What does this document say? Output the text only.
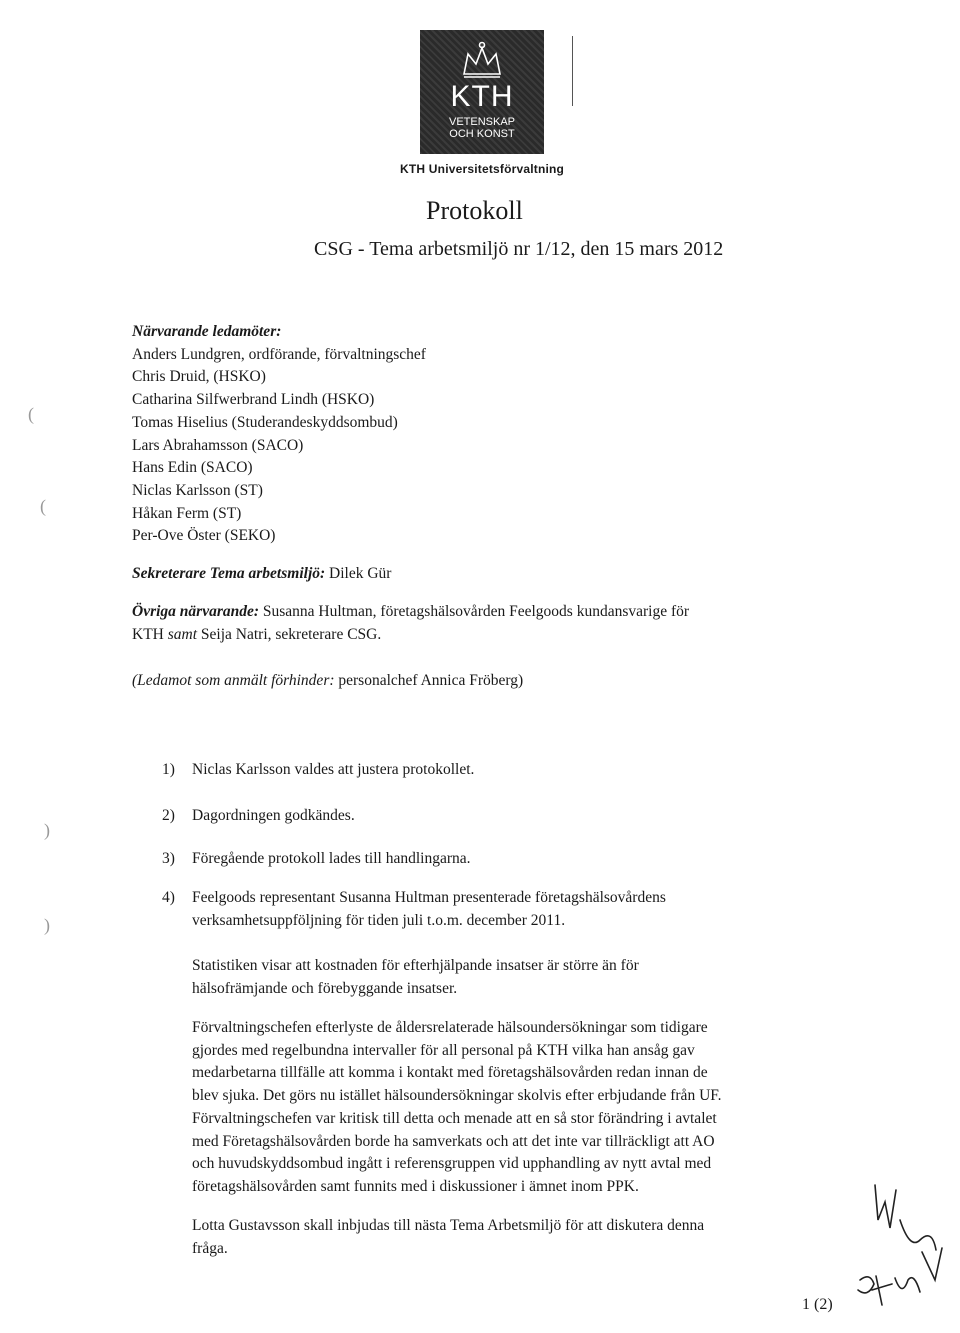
KTH
VETENSKAP
OCH KONST
KTH Universitetsförvaltning
Protokoll
CSG - Tema arbetsmiljö nr 1/12, den 15 mars 2012
Närvarande ledamöter:
Anders Lundgren, ordförande, förvaltningschef
Chris Druid, (HSKO)
Catharina Silfwerbrand Lindh (HSKO)
Tomas Hiselius (Studerandeskyddsombud)
Lars Abrahamsson (SACO)
Hans Edin (SACO)
Niclas Karlsson (ST)
Håkan Ferm (ST)
Per-Ove Öster (SEKO)
Sekreterare Tema arbetsmiljö: Dilek Gür
Övriga närvarande: Susanna Hultman, företagshälsovården Feelgoods kundansvarige för
KTH samt Seija Natri, sekreterare CSG.
(Ledamot som anmält förhinder: personalchef Annica Fröberg)
1) Niclas Karlsson valdes att justera protokollet.
2) Dagordningen godkändes.
3) Föregående protokoll lades till handlingarna.
4) Feelgoods representant Susanna Hultman presenterade företagshälsovårdens
verksamhetsuppföljning för tiden juli t.o.m. december 2011.
Statistiken visar att kostnaden för efterhjälpande insatser är större än för
hälsofrämjande och förebyggande insatser.
Förvaltningschefen efterlyste de åldersrelaterade hälsoundersökningar som tidigare
gjordes med regelbundna intervaller för all personal på KTH vilka han ansåg gav
medarbetarna tillfälle att komma i kontakt med företagshälsovården redan innan de
blev sjuka. Det görs nu istället hälsoundersökningar skolvis efter erbjudande från UF.
Förvaltningschefen var kritisk till detta och menade att en så stor förändring i avtalet
med Företagshälsovården borde ha samverkats och att det inte var tillräckligt att AO
och huvudskyddsombud ingått i referensgruppen vid upphandling av nytt avtal med
företagshälsovården samt funnits med i diskussioner i ämnet inom PPK.
Lotta Gustavsson skall inbjudas till nästa Tema Arbetsmiljö för att diskutera denna
fråga.
1 (2)
(
(
)
)
